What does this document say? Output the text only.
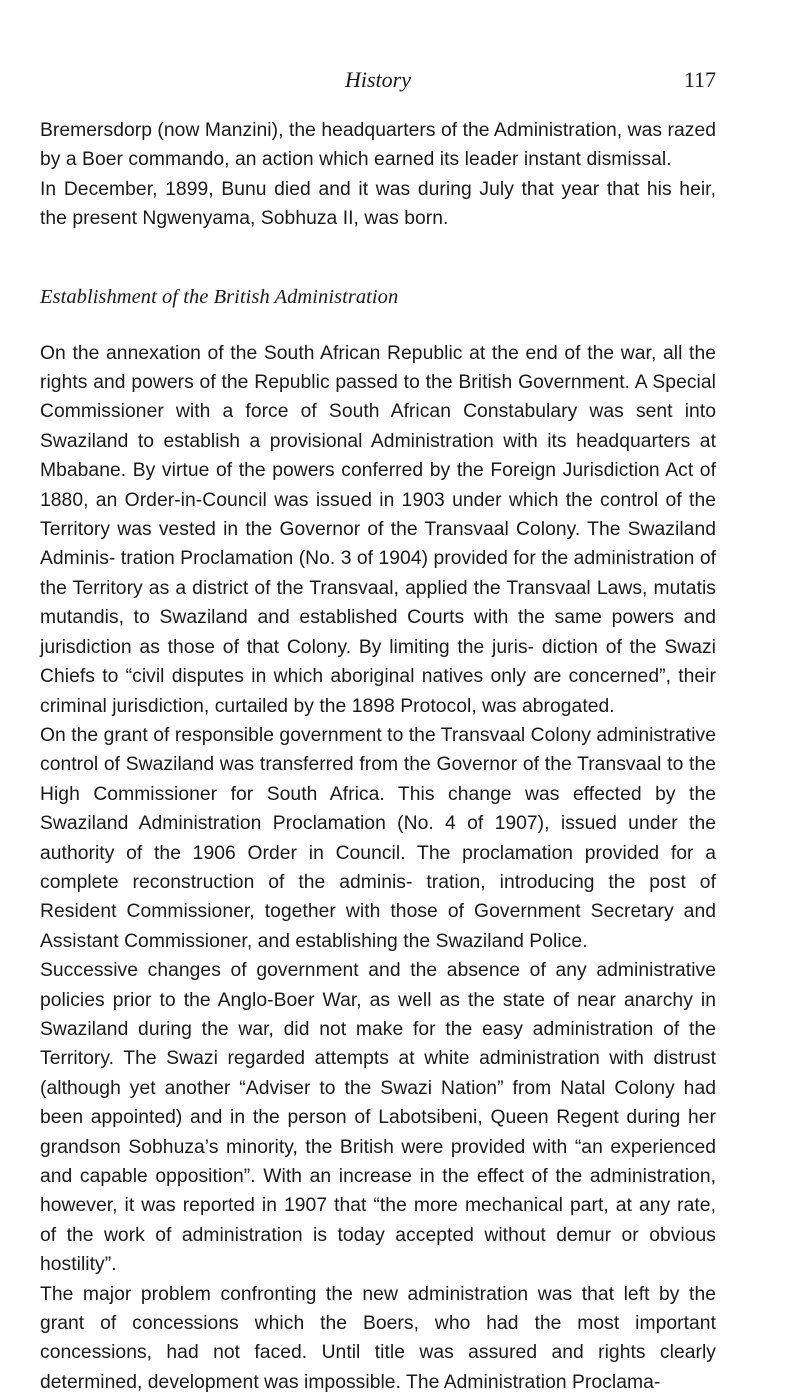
History	117

Bremersdorp (now Manzini), the headquarters of the Administration, was razed by a Boer commando, an action which earned its leader instant dismissal.

In December, 1899, Bunu died and it was during July that year that his heir, the present Ngwenyama, Sobhuza II, was born.

Establishment of the British Administration

On the annexation of the South African Republic at the end of the war, all the rights and powers of the Republic passed to the British Government. A Special Commissioner with a force of South African Constabulary was sent into Swaziland to establish a provisional Administration with its headquarters at Mbabane. By virtue of the powers conferred by the Foreign Jurisdiction Act of 1880, an Order-in-Council was issued in 1903 under which the control of the Territory was vested in the Governor of the Transvaal Colony. The Swaziland Adminis- tration Proclamation (No. 3 of 1904) provided for the administration of the Territory as a district of the Transvaal, applied the Transvaal Laws, mutatis mutandis, to Swaziland and established Courts with the same powers and jurisdiction as those of that Colony. By limiting the juris- diction of the Swazi Chiefs to “civil disputes in which aboriginal natives only are concerned”, their criminal jurisdiction, curtailed by the 1898 Protocol, was abrogated.

On the grant of responsible government to the Transvaal Colony administrative control of Swaziland was transferred from the Governor of the Transvaal to the High Commissioner for South Africa. This change was effected by the Swaziland Administration Proclamation (No. 4 of 1907), issued under the authority of the 1906 Order in Council. The proclamation provided for a complete reconstruction of the adminis- tration, introducing the post of Resident Commissioner, together with those of Government Secretary and Assistant Commissioner, and establishing the Swaziland Police.

Successive changes of government and the absence of any administrative policies prior to the Anglo-Boer War, as well as the state of near anarchy in Swaziland during the war, did not make for the easy administration of the Territory. The Swazi regarded attempts at white administration with distrust (although yet another “Adviser to the Swazi Nation” from Natal Colony had been appointed) and in the person of Labotsibeni, Queen Regent during her grandson Sobhuza’s minority, the British were provided with “an experienced and capable opposition”. With an increase in the effect of the administration, however, it was reported in 1907 that “the more mechanical part, at any rate, of the work of administration is today accepted without demur or obvious hostility”.

The major problem confronting the new administration was that left by the grant of concessions which the Boers, who had the most important concessions, had not faced. Until title was assured and rights clearly determined, development was impossible. The Administration Proclama-
